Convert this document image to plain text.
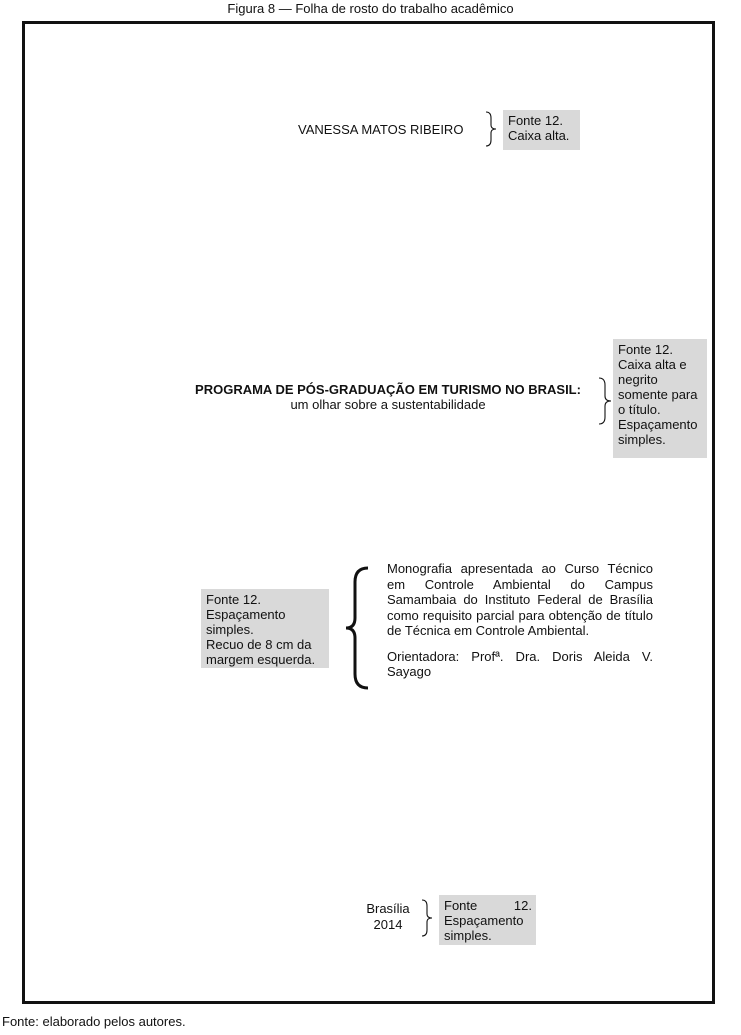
Figura 8 — Folha de rosto do trabalho acadêmico
VANESSA MATOS RIBEIRO
Fonte 12.
Caixa alta.
PROGRAMA DE PÓS-GRADUAÇÃO EM TURISMO NO BRASIL:
um olhar sobre a sustentabilidade
Fonte 12.
Caixa alta e
negrito
somente para
o título.
Espaçamento
simples.
Fonte 12.
Espaçamento
simples.
Recuo de 8 cm da
margem esquerda.

Monografia apresentada ao Curso Técnico em Controle Ambiental do Campus Samambaia do Instituto Federal de Brasília como requisito parcial para obtenção de título de Técnica em Controle Ambiental.

Orientadora: Profª. Dra. Doris Aleida V. Sayago

Brasília
2014
Fonte 12.
Espaçamento
simples.
Fonte: elaborado pelos autores.
